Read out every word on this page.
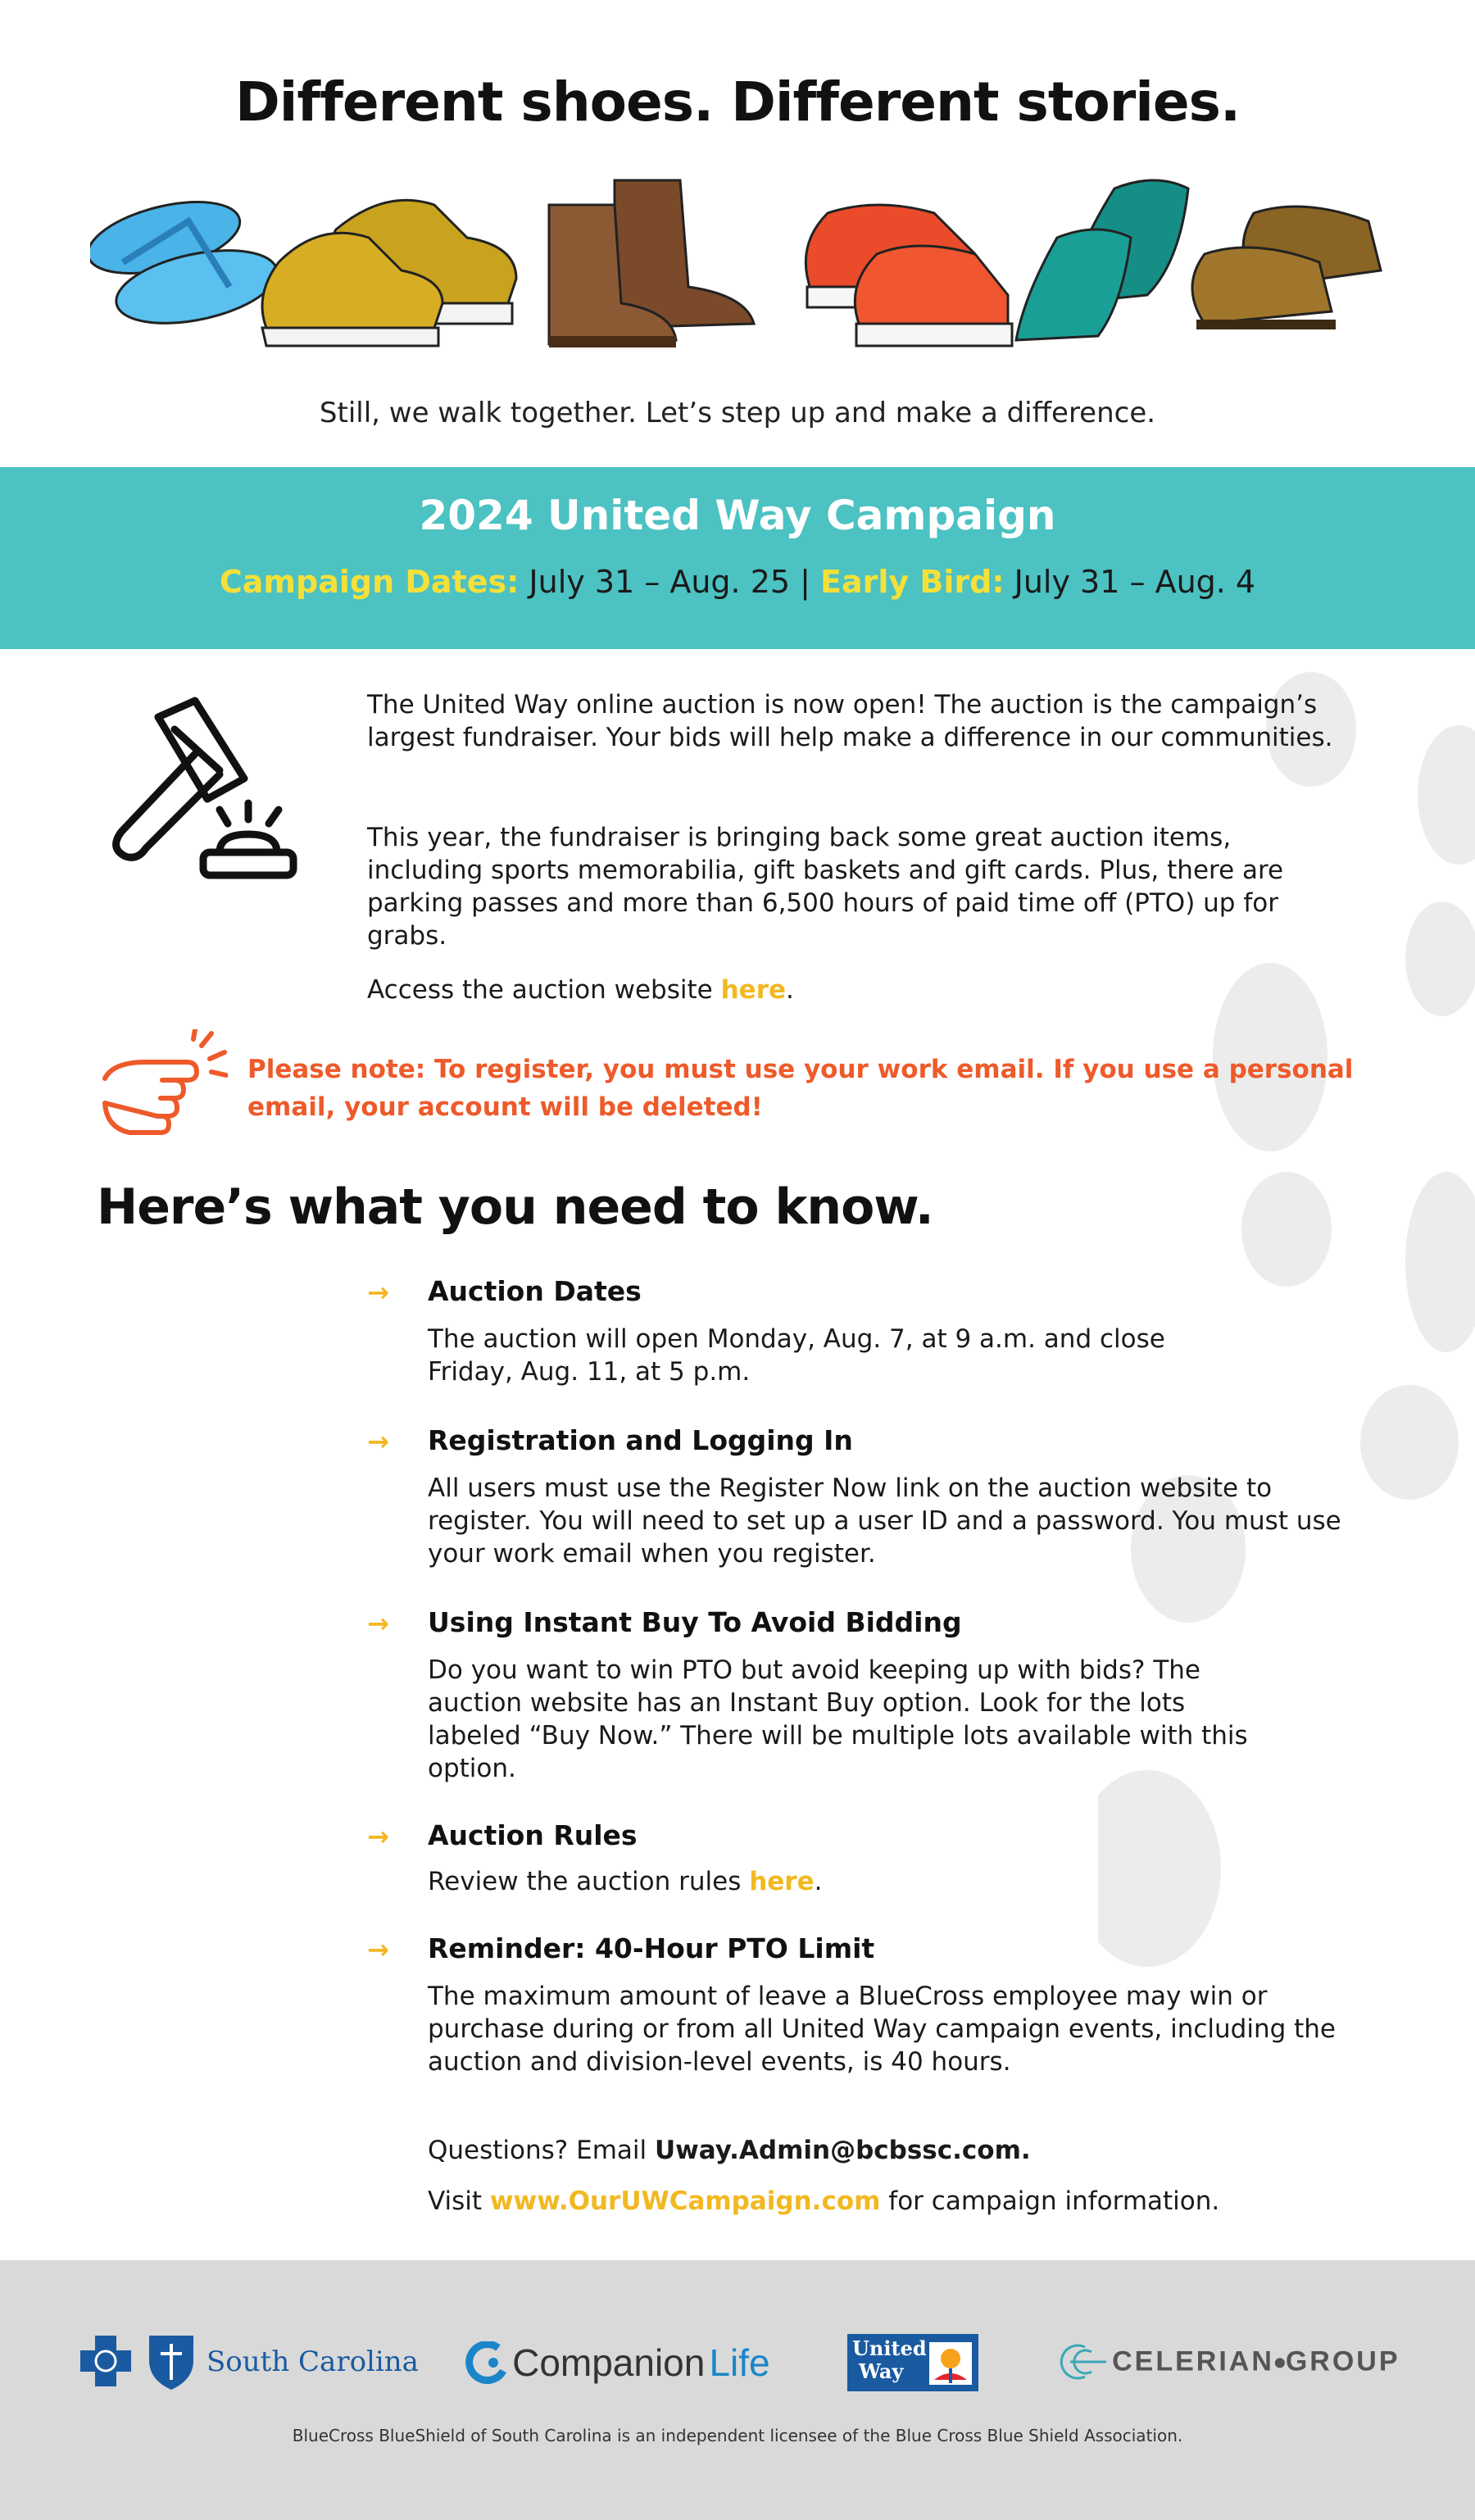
Different shoes. Different stories.
Still, we walk together. Let’s step up and make a difference.
2024 United Way Campaign
Campaign Dates: July 31 – Aug. 25 | Early Bird: July 31 – Aug. 4
The United Way online auction is now open! The auction is the campaign’s largest fundraiser. Your bids will help make a difference in our communities.
This year, the fundraiser is bringing back some great auction items, including sports memorabilia, gift baskets and gift cards. Plus, there are parking passes and more than 6,500 hours of paid time off (PTO) up for grabs.
Access the auction website here.
Please note: To register, you must use your work email. If you use a personal email, your account will be deleted!
Here’s what you need to know.
→ Auction Dates
The auction will open Monday, Aug. 7, at 9 a.m. and close Friday, Aug. 11, at 5 p.m.
→ Registration and Logging In
All users must use the Register Now link on the auction website to register. You will need to set up a user ID and a password. You must use your work email when you register.
→ Using Instant Buy To Avoid Bidding
Do you want to win PTO but avoid keeping up with bids? The auction website has an Instant Buy option. Look for the lots labeled “Buy Now.” There will be multiple lots available with this option.
→ Auction Rules
Review the auction rules here.
→ Reminder: 40-Hour PTO Limit
The maximum amount of leave a BlueCross employee may win or purchase during or from all United Way campaign events, including the auction and division-level events, is 40 hours.
Questions? Email Uway.Admin@bcbssc.com.
Visit www.OurUWCampaign.com for campaign information.
South Carolina	Companion Life	United
Way	CELERIAN●GROUP
BlueCross BlueShield of South Carolina is an independent licensee of the Blue Cross Blue Shield Association.
